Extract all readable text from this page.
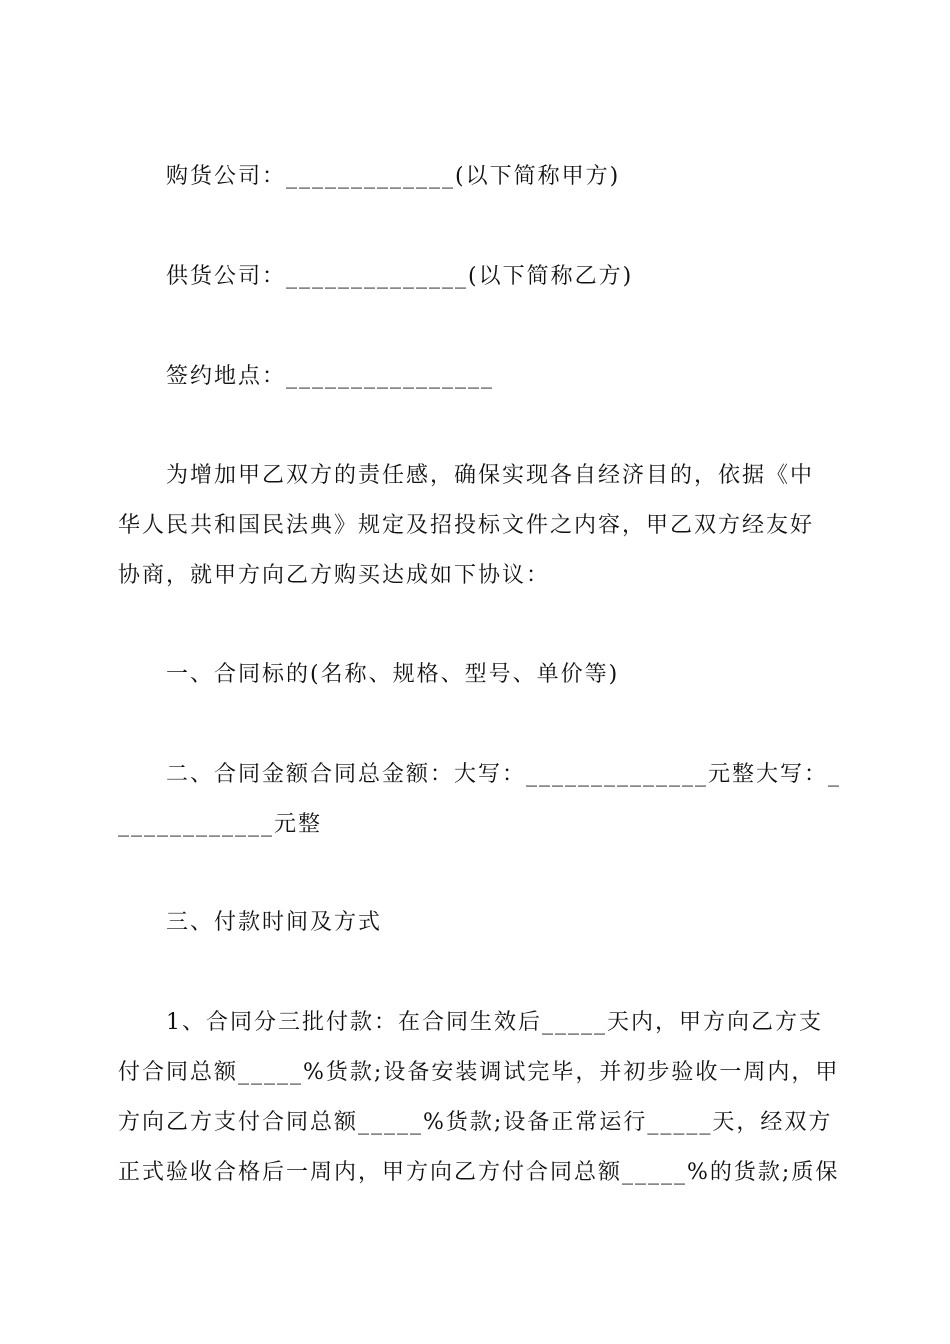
购货公司：_____________(以下简称甲方)
供货公司：______________(以下简称乙方)
签约地点：________________
为增加甲乙双方的责任感，确保实现各自经济目的，依据《中
华人民共和国民法典》规定及招投标文件之内容，甲乙双方经友好
协商，就甲方向乙方购买达成如下协议：
一、合同标的(名称、规格、型号、单价等)
二、合同金额合同总金额：大写：______________元整大写：_
____________元整
三、付款时间及方式
1、合同分三批付款：在合同生效后_____天内，甲方向乙方支
付合同总额_____%货款;设备安装调试完毕，并初步验收一周内，甲
方向乙方支付合同总额_____%货款;设备正常运行_____天，经双方
正式验收合格后一周内，甲方向乙方付合同总额_____%的货款;质保
